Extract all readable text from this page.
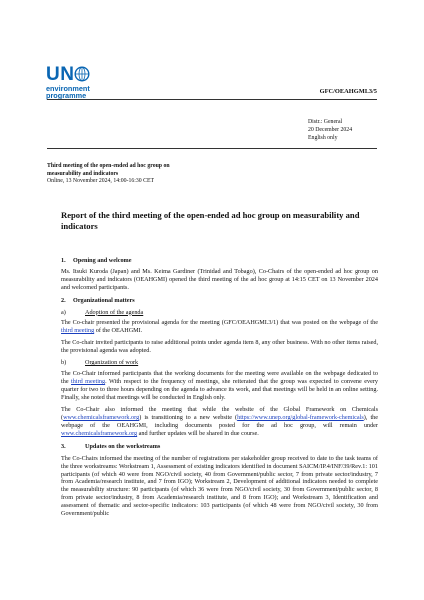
UN
environment
programme	GFC/OEAHGMI.3/5
Distr.: General
20 December 2024
English only
Third meeting of the open-ended ad hoc group on
measurability and indicators
Online, 13 November 2024, 14:00-16:30 CET
Report of the third meeting of the open-ended ad hoc group on measurability and indicators
1.	Opening and welcome

Ms. Itsuki Kuroda (Japan) and Ms. Keima Gardiner (Trinidad and Tobago), Co-Chairs of the open-ended ad hoc group on measurability and indicators (OEAHGMI) opened the third meeting of the ad hoc group at 14:15 CET on 13 November 2024 and welcomed participants.

2.	Organizational matters
a)	Adoption of the agenda

The Co-chair presented the provisional agenda for the meeting (GFC/OEAHGMI.3/1) that was posted on the webpage of the third meeting of the OEAHGMI.

The Co-chair invited participants to raise additional points under agenda item 8, any other business. With no other items raised, the provisional agenda was adopted.

b)	Organization of work

The Co-Chair informed participants that the working documents for the meeting were available on the webpage dedicated to the third meeting. With respect to the frequency of meetings, she reiterated that the group was expected to convene every quarter for two to three hours depending on the agenda to advance its work, and that meetings will be held in an online setting. Finally, she noted that meetings will be conducted in English only.

The Co-Chair also informed the meeting that while the website of the Global Framework on Chemicals (www.chemicalsframework.org) is transitioning to a new website (https://www.unep.org/global-framework-chemicals), the webpage of the OEAHGMI, including documents posted for the ad hoc group, will remain under www.chemicalsframework.org and further updates will be shared in due course.

3.	Updates on the workstreams

The Co-Chairs informed the meeting of the number of registrations per stakeholder group received to date to the task teams of the three workstreams: Workstream 1, Assessment of existing indicators identified in document SAICM/IP.4/INF/39/Rev.1: 101 participants (of which 40 were from NGO/civil society, 40 from Government/public sector, 7 from private sector/industry, 7 from Academia/research institute, and 7 from IGO); Workstream 2, Development of additional indicators needed to complete the measurability structure: 90 participants (of which 36 were from NGO/civil society, 30 from Government/public sector, 8 from private sector/industry, 8 from Academia/research institute, and 8 from IGO); and Workstream 3, Identification and assessment of thematic and sector-specific indicators: 103 participants (of which 48 were from NGO/civil society, 30 from Government/public
